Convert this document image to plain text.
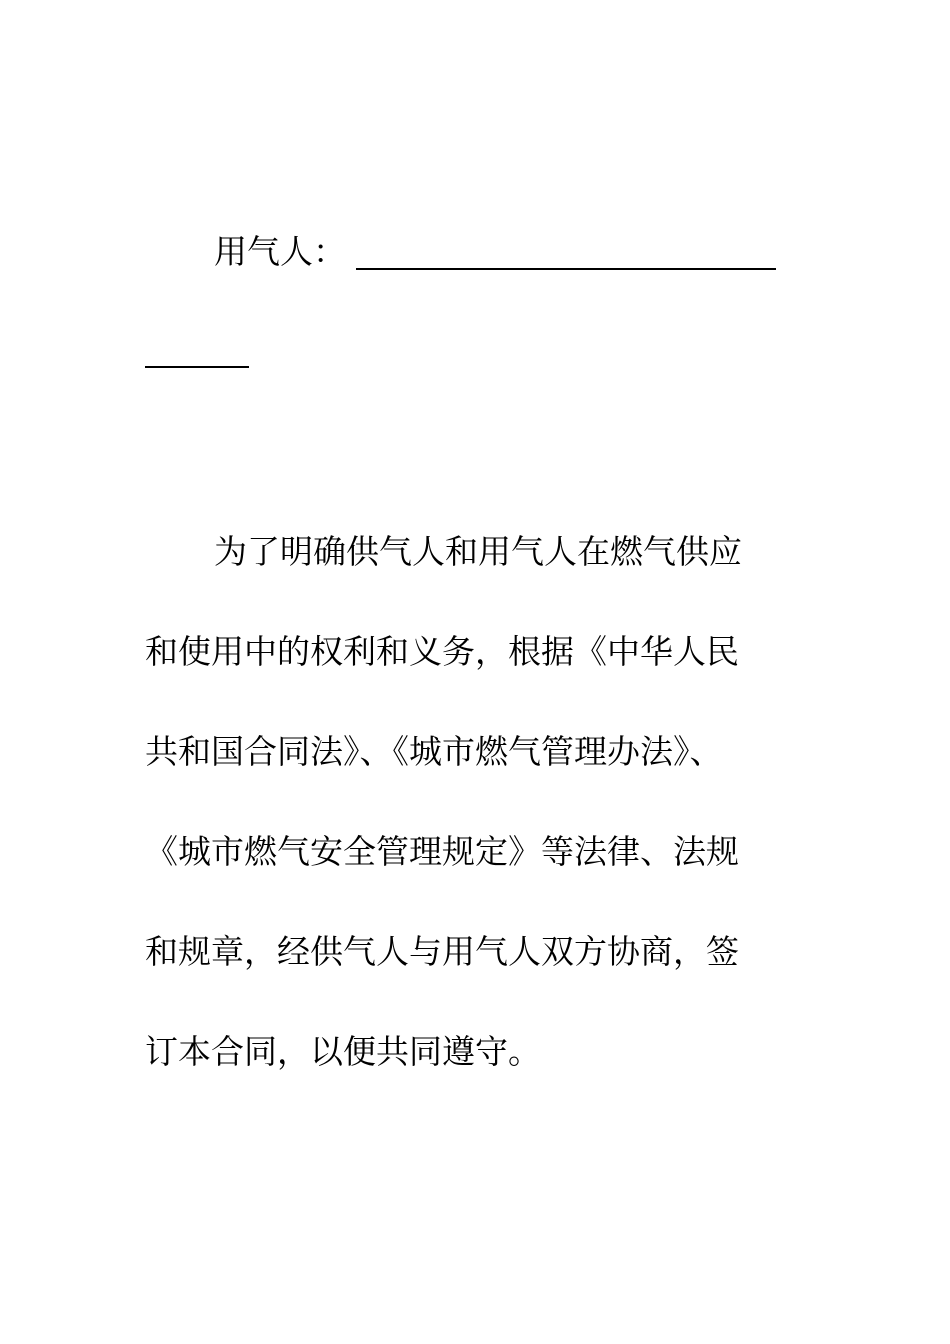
用气人：
为了明确供气人和用气人在燃气供应
和使用中的权利和义务，根据《中华人民
共和国合同法》、《城市燃气管理办法》、
《城市燃气安全管理规定》等法律、法规
和规章，经供气人与用气人双方协商，签
订本合同，以便共同遵守。
